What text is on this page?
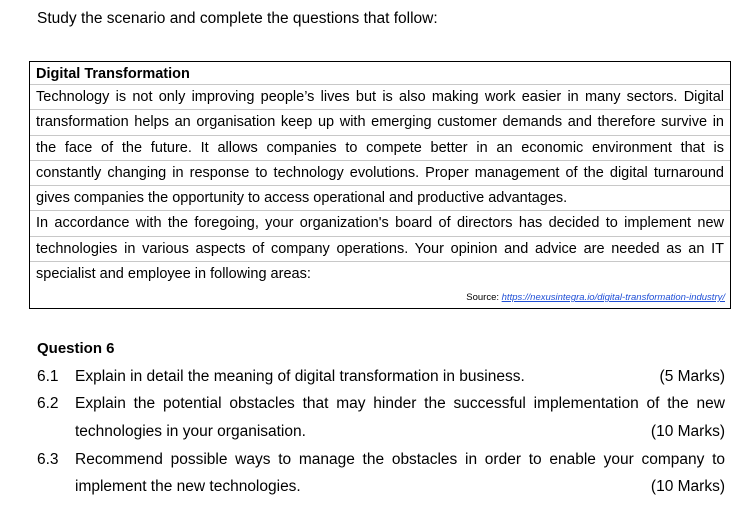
Study the scenario and complete the questions that follow:
Digital Transformation
Technology is not only improving people’s lives but is also making work easier in many sectors. Digital
transformation helps an organisation keep up with emerging customer demands and therefore survive in
the face of the future. It allows companies to compete better in an economic environment that is
constantly changing in response to technology evolutions. Proper management of the digital turnaround
gives companies the opportunity to access operational and productive advantages.
In accordance with the foregoing, your organization's board of directors has decided to implement new
technologies in various aspects of company operations. Your opinion and advice are needed as an IT
specialist and employee in following areas:
Source: https://nexusintegra.io/digital-transformation-industry/
Question 6
6.1 Explain in detail the meaning of digital transformation in business.	(5 Marks)
6.2 Explain the potential obstacles that may hinder the successful implementation of the new
technologies in your organisation.	(10 Marks)
6.3 Recommend possible ways to manage the obstacles in order to enable your company to
implement the new technologies.	(10 Marks)
